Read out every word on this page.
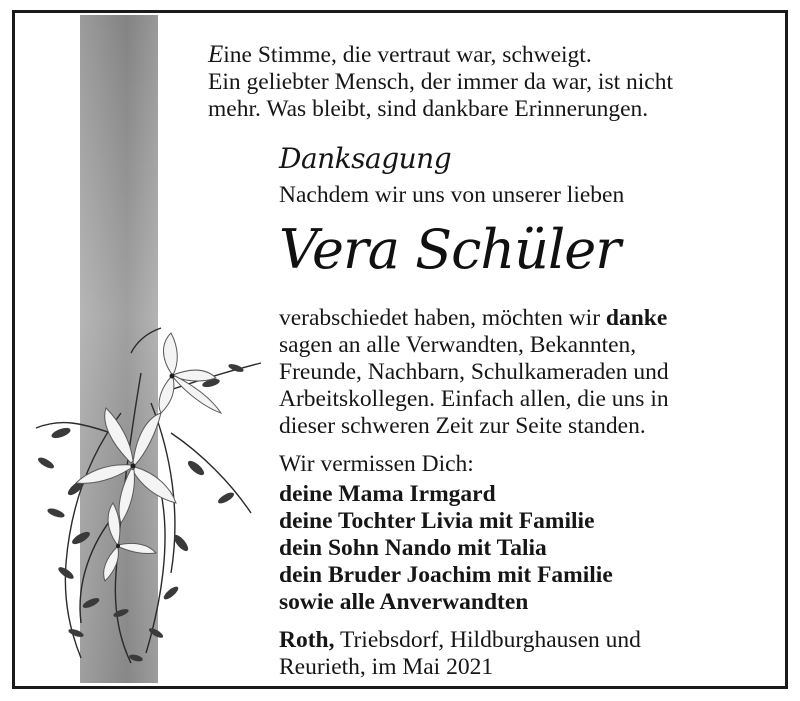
Eine Stimme, die vertraut war, schweigt.
Ein geliebter Mensch, der immer da war, ist nicht
mehr. Was bleibt, sind dankbare Erinnerungen.
Danksagung
Nachdem wir uns von unserer lieben
Vera Schüler
verabschiedet haben, möchten wir danke
sagen an alle Verwandten, Bekannten,
Freunde, Nachbarn, Schulkameraden und
Arbeitskollegen. Einfach allen, die uns in
dieser schweren Zeit zur Seite standen.
Wir vermissen Dich:
deine Mama Irmgard
deine Tochter Livia mit Familie
dein Sohn Nando mit Talia
dein Bruder Joachim mit Familie
sowie alle Anverwandten
Roth, Triebsdorf, Hildburghausen und
Reurieth, im Mai 2021
